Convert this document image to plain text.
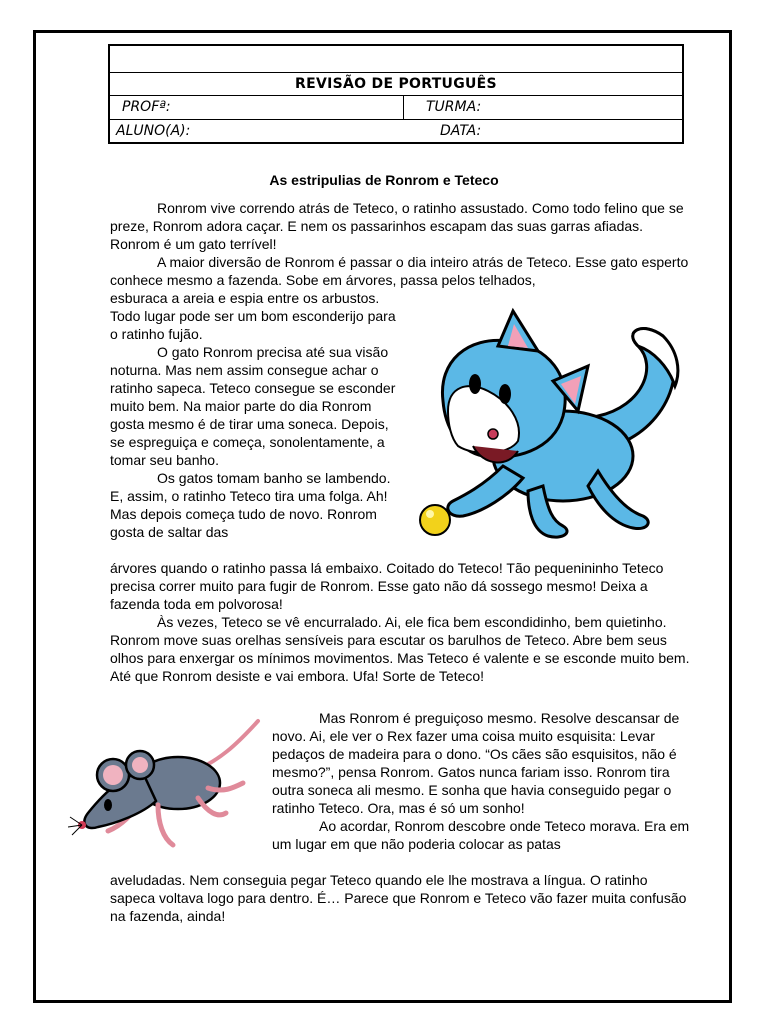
REVISÃO DE PORTUGUÊS
PROFª:	TURMA:
ALUNO(A):	DATA:
As estripulias de Ronrom e Teteco

Ronrom vive correndo atrás de Teteco, o ratinho assustado. Como todo felino que se preze, Ronrom adora caçar. E nem os passarinhos escapam das suas garras afiadas. Ronrom é um gato terrível!

A maior diversão de Ronrom é passar o dia inteiro atrás de Teteco. Esse gato esperto conhece mesmo a fazenda. Sobe em árvores, passa pelos telhados,

esburaca a areia e espia entre os arbustos. Todo lugar pode ser um bom esconderijo para o ratinho fujão.

O gato Ronrom precisa até sua visão noturna. Mas nem assim consegue achar o ratinho sapeca. Teteco consegue se esconder muito bem. Na maior parte do dia Ronrom gosta mesmo é de tirar uma soneca. Depois, se espreguiça e começa, sonolentamente, a tomar seu banho.

Os gatos tomam banho se lambendo. E, assim, o ratinho Teteco tira uma folga. Ah! Mas depois começa tudo de novo. Ronrom gosta de saltar das

árvores quando o ratinho passa lá embaixo. Coitado do Teteco! Tão pequenininho Teteco precisa correr muito para fugir de Ronrom. Esse gato não dá sossego mesmo! Deixa a fazenda toda em polvorosa!

Às vezes, Teteco se vê encurralado. Ai, ele fica bem escondidinho, bem quietinho. Ronrom move suas orelhas sensíveis para escutar os barulhos de Teteco. Abre bem seus olhos para enxergar os mínimos movimentos. Mas Teteco é valente e se esconde muito bem. Até que Ronrom desiste e vai embora. Ufa! Sorte de Teteco!

Mas Ronrom é preguiçoso mesmo. Resolve descansar de novo. Ai, ele ver o Rex fazer uma coisa muito esquisita: Levar pedaços de madeira para o dono. “Os cães são esquisitos, não é mesmo?”, pensa Ronrom. Gatos nunca fariam isso. Ronrom tira outra soneca ali mesmo. E sonha que havia conseguido pegar o ratinho Teteco. Ora, mas é só um sonho!

Ao acordar, Ronrom descobre onde Teteco morava. Era em um lugar em que não poderia colocar as patas

aveludadas. Nem conseguia pegar Teteco quando ele lhe mostrava a língua. O ratinho sapeca voltava logo para dentro. É… Parece que Ronrom e Teteco vão fazer muita confusão na fazenda, ainda!
